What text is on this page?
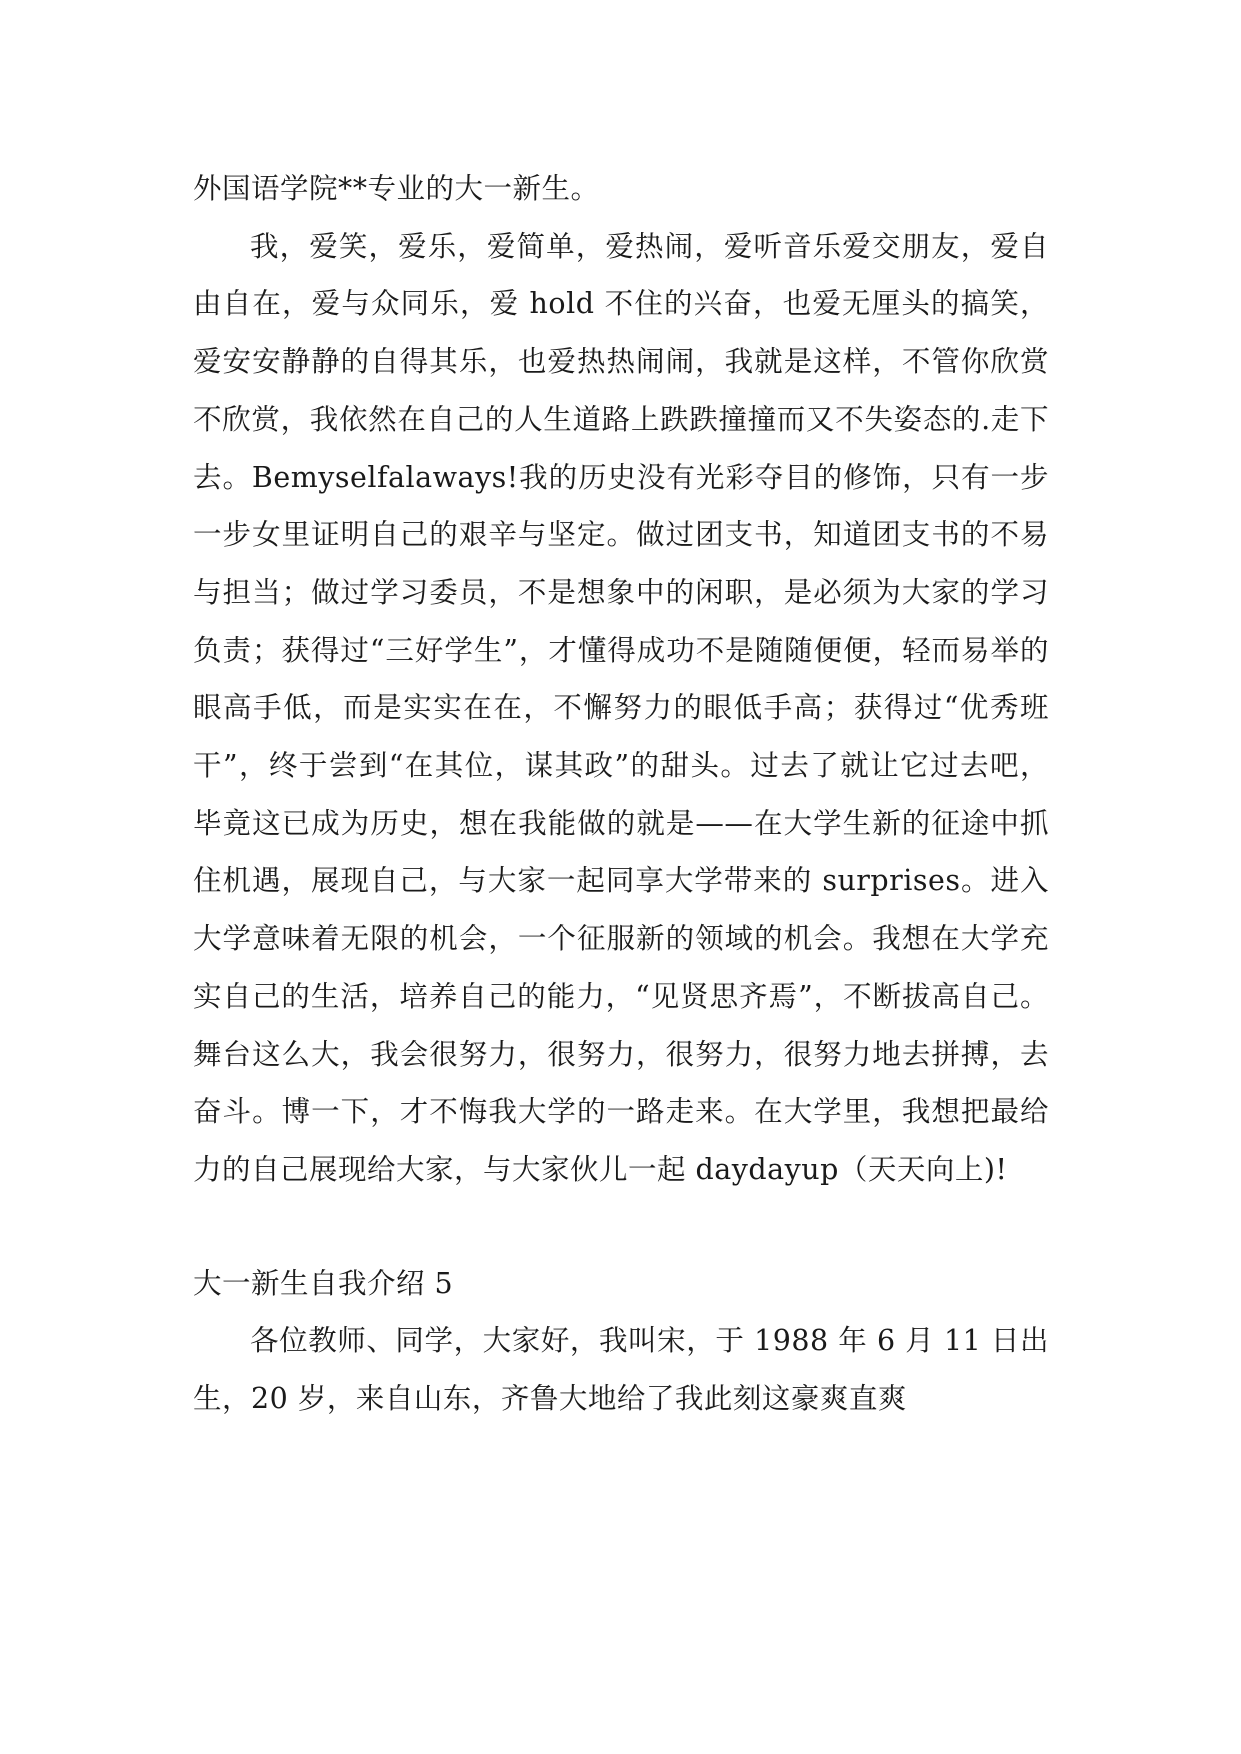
外国语学院**专业的大一新生。

我，爱笑，爱乐，爱简单，爱热闹，爱听音乐爱交朋友，爱自由自在，爱与众同乐，爱 hold 不住的兴奋，也爱无厘头的搞笑，爱安安静静的自得其乐，也爱热热闹闹，我就是这样，不管你欣赏不欣赏，我依然在自己的人生道路上跌跌撞撞而又不失姿态的.走下去。Bemyselfalaways!我的历史没有光彩夺目的修饰，只有一步一步女里证明自己的艰辛与坚定。做过团支书，知道团支书的不易与担当；做过学习委员，不是想象中的闲职，是必须为大家的学习负责；获得过“三好学生”，才懂得成功不是随随便便，轻而易举的眼高手低，而是实实在在，不懈努力的眼低手高；获得过“优秀班干”，终于尝到“在其位，谋其政”的甜头。过去了就让它过去吧，毕竟这已成为历史，想在我能做的就是——在大学生新的征途中抓住机遇，展现自己，与大家一起同享大学带来的 surprises。进入大学意味着无限的机会，一个征服新的领域的机会。我想在大学充实自己的生活，培养自己的能力，“见贤思齐焉”，不断拔高自己。舞台这么大，我会很努力，很努力，很努力，很努力地去拼搏，去奋斗。博一下，才不悔我大学的一路走来。在大学里，我想把最给力的自己展现给大家，与大家伙儿一起 daydayup（天天向上)!

大一新生自我介绍 5

各位教师、同学，大家好，我叫宋，于 1988 年 6 月 11 日出生，20 岁，来自山东，齐鲁大地给了我此刻这豪爽直爽
